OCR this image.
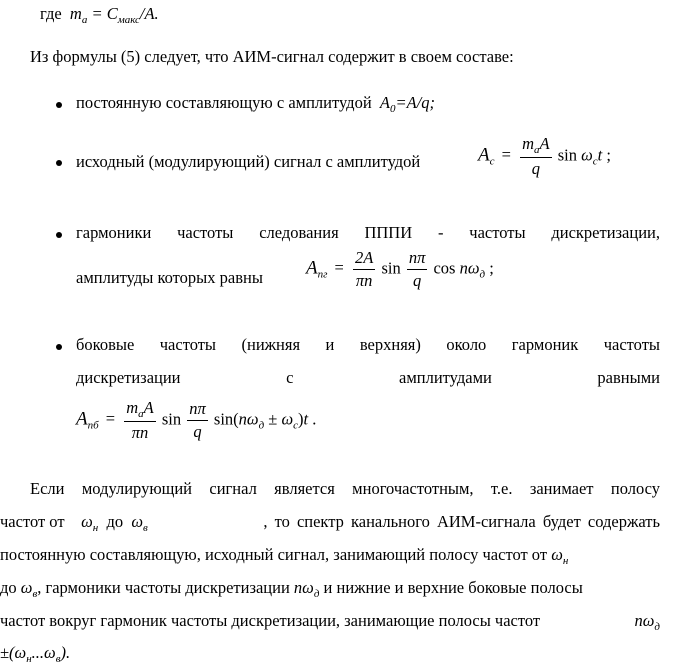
где $m_a = C_{макс}/A$.
Из формулы (5) следует, что АИМ-сигнал содержит в своем составе:
постоянную составляющую с амплитудой $A_0=A/q$;
исходный (модулирующий) сигнал с амплитудой	$A_c = \frac{m_aA}{q}$ $\sin \omega_ct$ ;
гармоники частоты следования ПППИ - частоты дискретизации,
амплитуды которых равны $A_{пг} = \frac{2A}{\pi n}$ $\sin \frac{n\pi}{q}$ $\cos n\omega_д$ ;
боковые частоты (нижняя и верхняя) около гармоник частоты
дискретизации с амплитудами равными
$A_{пб} = \frac{m_aA}{\pi n}$ $\sin \frac{n\pi}{q} \sin(n\omega_д \pm \omega_c)t$ .
Если модулирующий сигнал является многочастотным, т.е. занимает полосу
частот от $\omega_н$ до $\omega_в$	, то спектр канального АИМ-сигнала будет содержать
постоянную составляющую, исходный сигнал, занимающий полосу частот от $\omega_н$
до $\omega_в$, гармоники частоты дискретизации $n\omega_д$ и нижние и верхние боковые полосы
частот вокруг гармоник частоты дискретизации, занимающие полосы частот	$n\omega_д$
$\pm(\omega_н...\omega_в)$.
